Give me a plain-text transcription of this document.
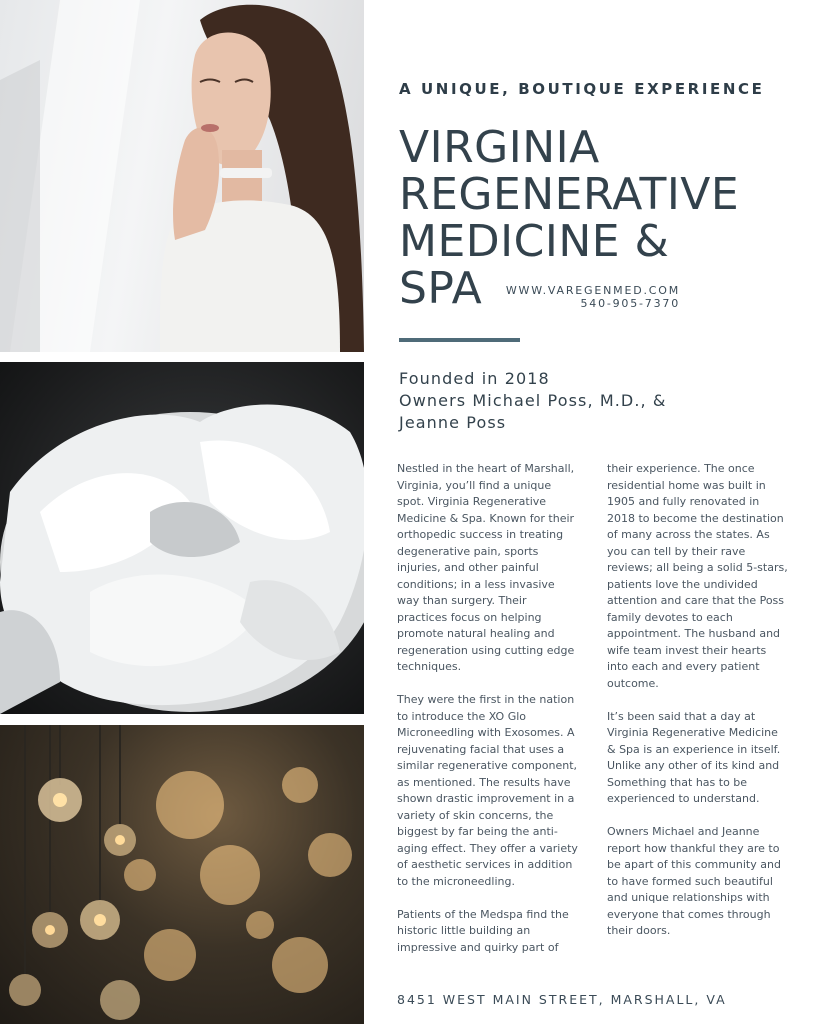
A UNIQUE, BOUTIQUE EXPERIENCE
VIRGINIA
REGENERATIVE
MEDICINE &
SPA	WWW.VAREGENMED.COM
540-905-7370
Founded in 2018
Owners Michael Poss, M.D., &
Jeanne Poss

Nestled in the heart of Marshall, Virginia, you’ll find a unique spot. Virginia Regenerative Medicine & Spa. Known for their orthopedic success in treating degenerative pain, sports injuries, and other painful conditions; in a less invasive way than surgery. Their practices focus on helping promote natural healing and regeneration using cutting edge techniques.

They were the first in the nation to introduce the XO Glo Microneedling with Exosomes. A rejuvenating facial that uses a similar regenerative component, as mentioned. The results have shown drastic improvement in a variety of skin concerns, the biggest by far being the anti-aging effect. They offer a variety of aesthetic services in addition to the microneedling.

Patients of the Medspa find the historic little building an impressive and quirky part of

their experience. The once residential home was built in 1905 and fully renovated in 2018 to become the destination of many across the states. As you can tell by their rave reviews; all being a solid 5-stars, patients love the undivided attention and care that the Poss family devotes to each appointment. The husband and wife team invest their hearts into each and every patient outcome.

It’s been said that a day at Virginia Regenerative Medicine & Spa is an experience in itself. Unlike any other of its kind and Something that has to be experienced to understand.

Owners Michael and Jeanne report how thankful they are to be apart of this community and to have formed such beautiful and unique relationships with everyone that comes through their doors.

8451 WEST MAIN STREET, MARSHALL, VA
